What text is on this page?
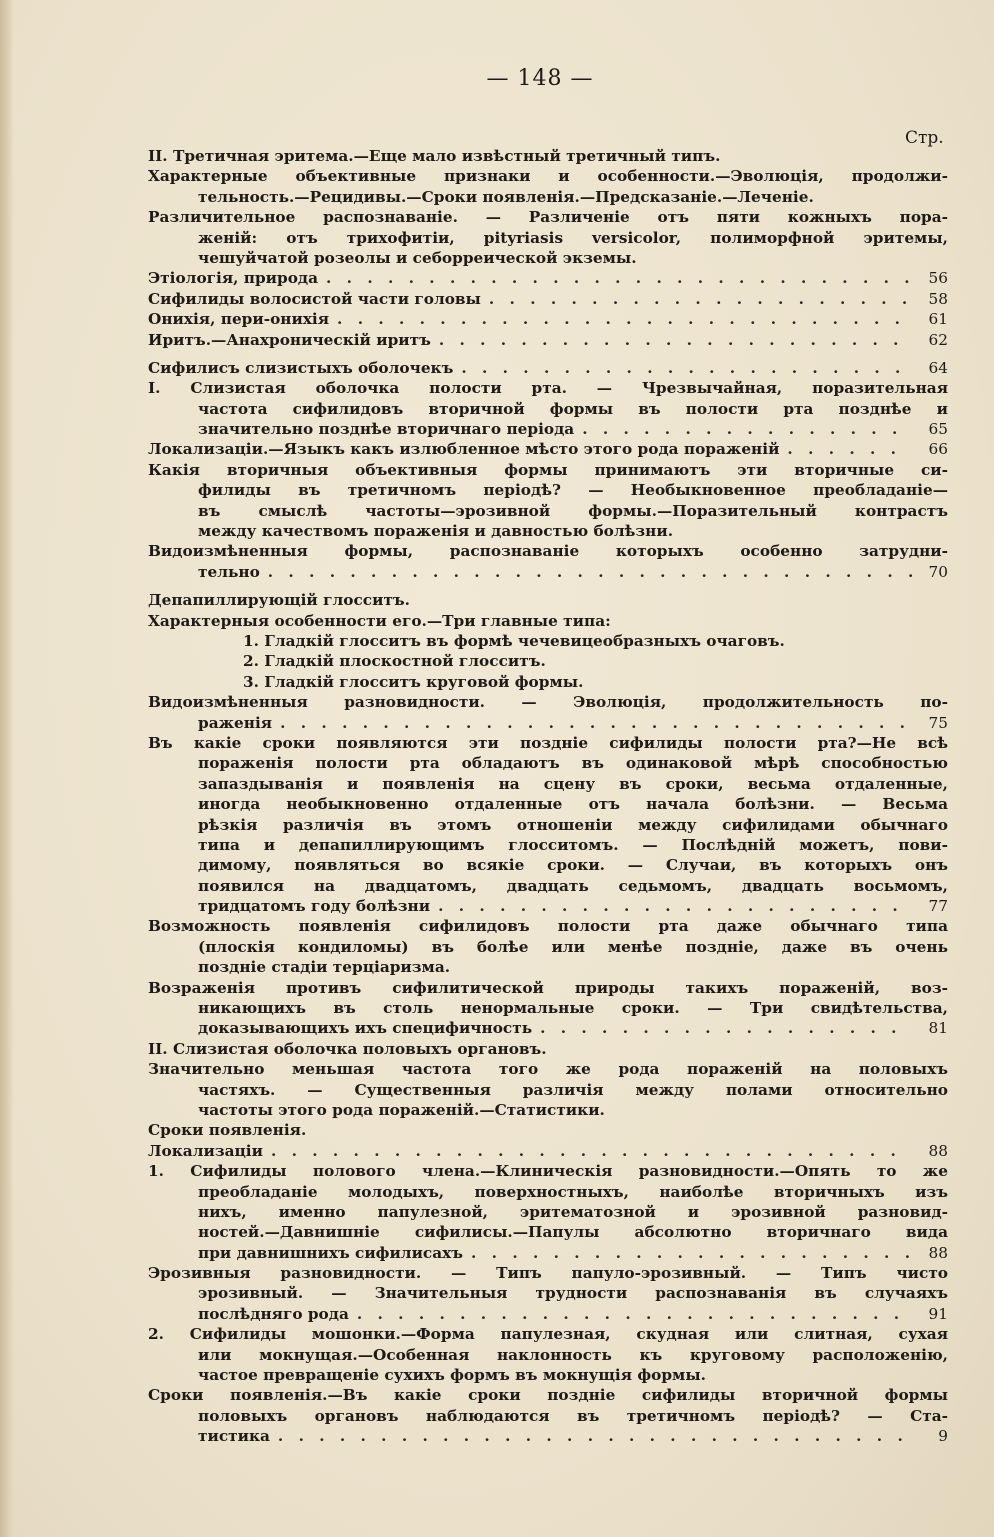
— 148 —
Стр.
II. Третичная эритема.—Еще мало извѣстный третичный типъ.
Характерные объективные признаки и особенности.—Эволюція, продолжи-
тельность.—Рецидивы.—Сроки появленія.—Предсказаніе.—Леченіе.
Различительное распознаваніе. — Различеніе отъ пяти кожныхъ пора-
женій: отъ трихофитіи, pityriasis versicolor, полиморфной эритемы,
чешуйчатой розеолы и себорреической экземы.
Этіологія, природа . . .	56
Сифилиды волосистой части головы . . .	58
Онихія, пери-онихія . . .	61
Иритъ.—Анахроническій иритъ . . .	62
Сифилисъ слизистыхъ оболочекъ . . .	64
I. Слизистая оболочка полости рта. — Чрезвычайная, поразительная
частота сифилидовъ вторичной формы въ полости рта позднѣе и
значительно позднѣе вторичнаго періода . . .	65
Локализаціи.—Языкъ какъ излюбленное мѣсто этого рода пораженій . . .	66
Какія вторичныя объективныя формы принимаютъ эти вторичные си-
филиды въ третичномъ періодѣ? — Необыкновенное преобладаніе—
въ смыслѣ частоты—эрозивной формы.—Поразительный контрастъ
между качествомъ пораженія и давностью болѣзни.
Видоизмѣненныя формы, распознаваніе которыхъ особенно затрудни-
тельно . . .	70
Депапиллирующій глосситъ.
Характерныя особенности его.—Три главные типа:
1. Гладкій глосситъ въ формѣ чечевицеобразныхъ очаговъ.
2. Гладкій плоскостной глосситъ.
3. Гладкій глосситъ круговой формы.
Видоизмѣненныя разновидности. — Эволюція, продолжительность по-
раженія . . .	75
Въ какіе сроки появляются эти поздніе сифилиды полости рта?—Не всѣ
пораженія полости рта обладаютъ въ одинаковой мѣрѣ способностью
запаздыванія и появленія на сцену въ сроки, весьма отдаленные,
иногда необыкновенно отдаленные отъ начала болѣзни. — Весьма
рѣзкія различія въ этомъ отношеніи между сифилидами обычнаго
типа и депапиллирующимъ глосситомъ. — Послѣдній можетъ, пови-
димому, появляться во всякіе сроки. — Случаи, въ которыхъ онъ
появился на двадцатомъ, двадцать седьмомъ, двадцать восьмомъ,
тридцатомъ году болѣзни . . .	77
Возможность появленія сифилидовъ полости рта даже обычнаго типа
(плоскія кондиломы) въ болѣе или менѣе поздніе, даже въ очень
поздніе стадіи терціаризма.
Возраженія противъ сифилитической природы такихъ пораженій, воз-
никающихъ въ столь ненормальные сроки. — Три свидѣтельства,
доказывающихъ ихъ специфичность . . .	81
II. Слизистая оболочка половыхъ органовъ.
Значительно меньшая частота того же рода пораженій на половыхъ
частяхъ. — Существенныя различія между полами относительно
частоты этого рода пораженій.—Статистики.
Сроки появленія.
Локализаціи . . .	88
1. Сифилиды полового члена.—Клиническія разновидности.—Опять то же
преобладаніе молодыхъ, поверхностныхъ, наиболѣе вторичныхъ изъ
нихъ, именно папулезной, эритематозной и эрозивной разновид-
ностей.—Давнишніе сифилисы.—Папулы абсолютно вторичнаго вида
при давнишнихъ сифилисахъ . . .	88
Эрозивныя разновидности. — Типъ папуло-эрозивный. — Типъ чисто
эрозивный. — Значительныя трудности распознаванія въ случаяхъ
послѣдняго рода . . .	91
2. Сифилиды мошонки.—Форма папулезная, скудная или слитная, сухая
или мокнущая.—Особенная наклонность къ круговому расположенію,
частое превращеніе сухихъ формъ въ мокнущія формы.
Сроки появленія.—Въ какіе сроки поздніе сифилиды вторичной формы
половыхъ органовъ наблюдаются въ третичномъ періодѣ? — Ста-
тистика . . .	9
